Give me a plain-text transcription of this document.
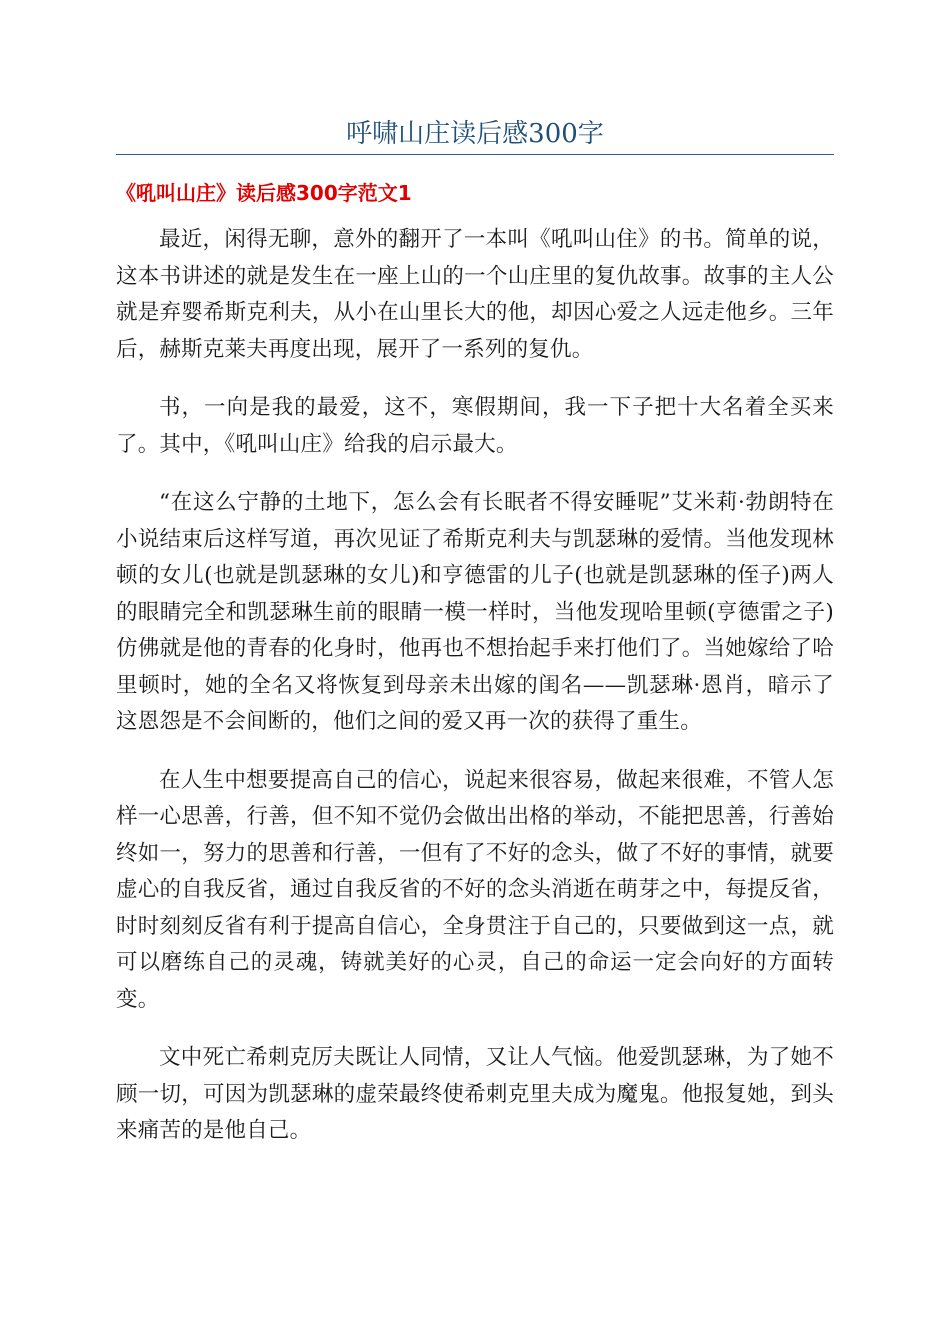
呼啸山庄读后感300字
《吼叫山庄》读后感300字范文1

最近，闲得无聊，意外的翻开了一本叫《吼叫山住》的书。简单的说，这本书讲述的就是发生在一座上山的一个山庄里的复仇故事。故事的主人公就是弃婴希斯克利夫，从小在山里长大的他，却因心爱之人远走他乡。三年后，赫斯克莱夫再度出现，展开了一系列的复仇。

书，一向是我的最爱，这不，寒假期间，我一下子把十大名着全买来了。其中，《吼叫山庄》给我的启示最大。

“在这么宁静的土地下，怎么会有长眠者不得安睡呢”艾米莉·勃朗特在小说结束后这样写道，再次见证了希斯克利夫与凯瑟琳的爱情。当他发现林顿的女儿(也就是凯瑟琳的女儿)和亨德雷的儿子(也就是凯瑟琳的侄子)两人的眼睛完全和凯瑟琳生前的眼睛一模一样时，当他发现哈里顿(亨德雷之子)仿佛就是他的青春的化身时，他再也不想抬起手来打他们了。当她嫁给了哈里顿时，她的全名又将恢复到母亲未出嫁的闺名——凯瑟琳·恩肖，暗示了这恩怨是不会间断的，他们之间的爱又再一次的获得了重生。

在人生中想要提高自己的信心，说起来很容易，做起来很难，不管人怎样一心思善，行善，但不知不觉仍会做出出格的举动，不能把思善，行善始终如一，努力的思善和行善，一但有了不好的念头，做了不好的事情，就要虚心的自我反省，通过自我反省的不好的念头消逝在萌芽之中，每提反省，时时刻刻反省有利于提高自信心，全身贯注于自己的，只要做到这一点，就可以磨练自己的灵魂，铸就美好的心灵，自己的命运一定会向好的方面转变。

文中死亡希刺克厉夫既让人同情，又让人气恼。他爱凯瑟琳，为了她不顾一切，可因为凯瑟琳的虚荣最终使希刺克里夫成为魔鬼。他报复她，到头来痛苦的是他自己。
